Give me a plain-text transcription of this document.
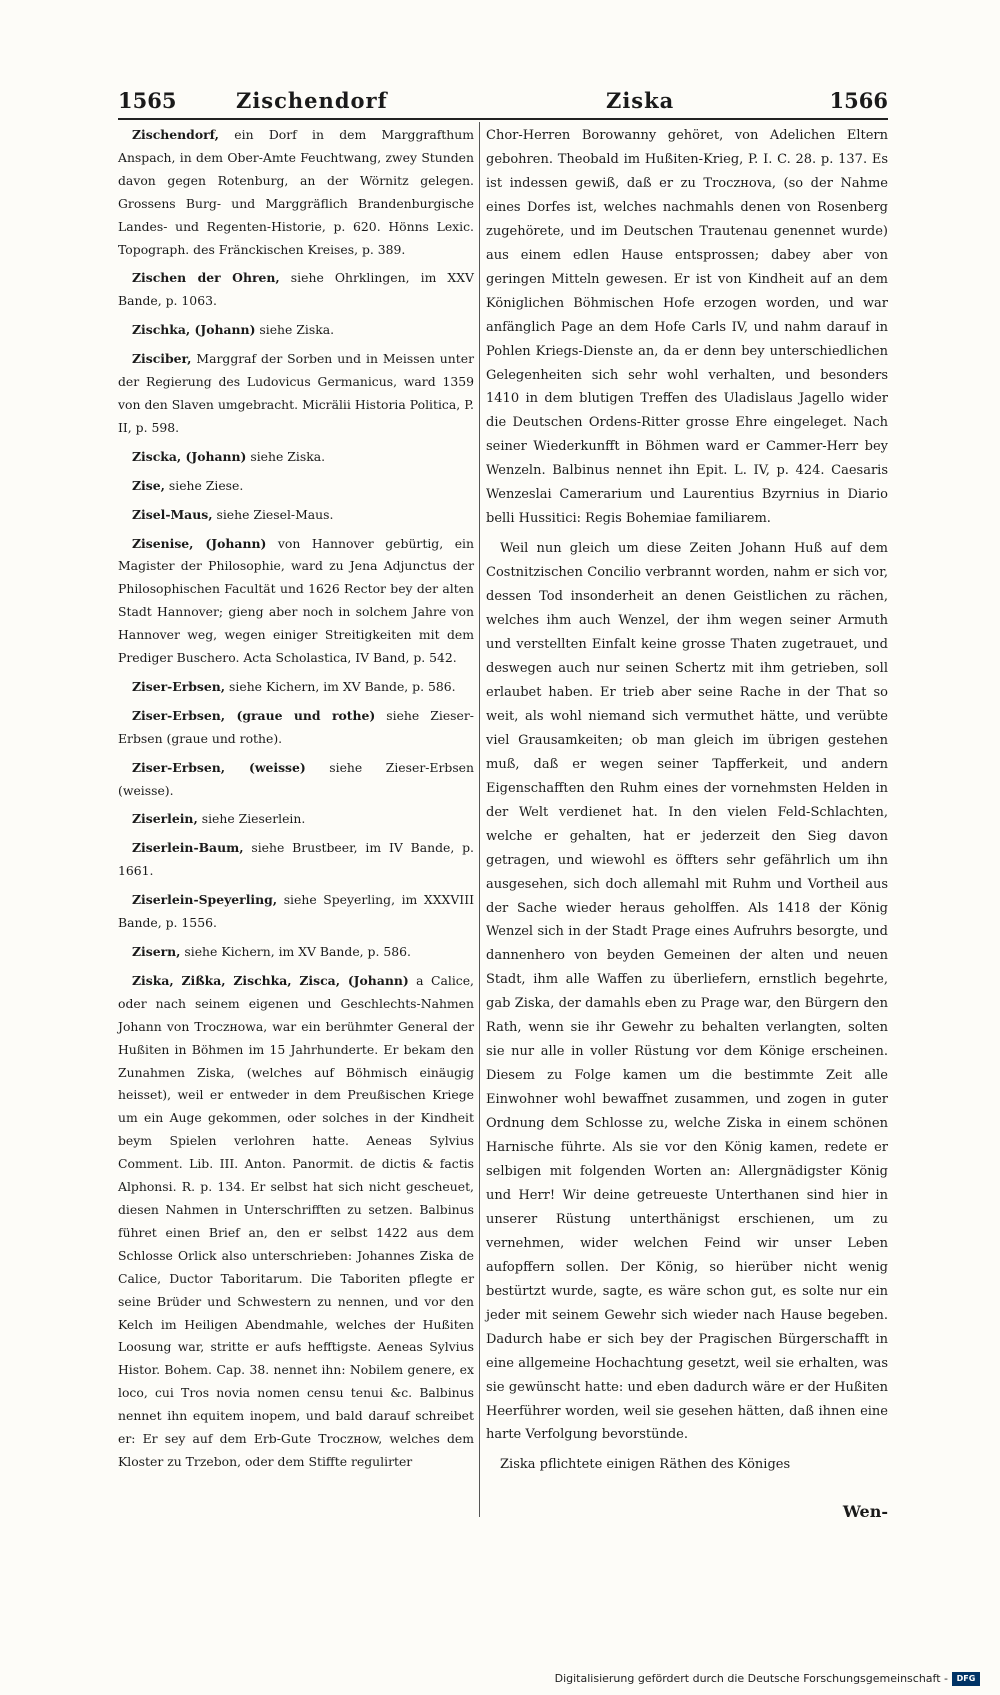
1565	Zischendorf	Ziska	1566

Zischendorf, ein Dorf in dem Marggrafthum Anspach, in dem Ober-Amte Feuchtwang, zwey Stunden davon gegen Rotenburg, an der Wörnitz gelegen. Grossens Burg- und Marggräflich Brandenburgische Landes- und Regenten-Historie, p. 620. Hönns Lexic. Topograph. des Fränckischen Kreises, p. 389.

Zischen der Ohren, siehe Ohrklingen, im XXV Bande, p. 1063.

Zischka, (Johann) siehe Ziska.

Zisciber, Marggraf der Sorben und in Meissen unter der Regierung des Ludovicus Germanicus, ward 1359 von den Slaven umgebracht. Micrälii Historia Politica, P. II, p. 598.

Ziscka, (Johann) siehe Ziska.

Zise, siehe Ziese.

Zisel-Maus, siehe Ziesel-Maus.

Zisenise, (Johann) von Hannover gebürtig, ein Magister der Philosophie, ward zu Jena Adjunctus der Philosophischen Facultät und 1626 Rector bey der alten Stadt Hannover; gieng aber noch in solchem Jahre von Hannover weg, wegen einiger Streitigkeiten mit dem Prediger Buschero. Acta Scholastica, IV Band, p. 542.

Ziser-Erbsen, siehe Kichern, im XV Bande, p. 586.

Ziser-Erbsen, (graue und rothe) siehe Zieser-Erbsen (graue und rothe).

Ziser-Erbsen, (weisse) siehe Zieser-Erbsen (weisse).

Ziserlein, siehe Zieserlein.

Ziserlein-Baum, siehe Brustbeer, im IV Bande, p. 1661.

Ziserlein-Speyerling, siehe Speyerling, im XXXVIII Bande, p. 1556.

Zisern, siehe Kichern, im XV Bande, p. 586.

Ziska, Zißka, Zischka, Zisca, (Johann) a Calice, oder nach seinem eigenen und Geschlechts-Nahmen Johann von Troczнowa, war ein berühmter General der Hußiten in Böhmen im 15 Jahrhunderte. Er bekam den Zunahmen Ziska, (welches auf Böhmisch einäugig heisset), weil er entweder in dem Preußischen Kriege um ein Auge gekommen, oder solches in der Kindheit beym Spielen verlohren hatte. Aeneas Sylvius Comment. Lib. III. Anton. Panormit. de dictis & factis Alphonsi. R. p. 134. Er selbst hat sich nicht gescheuet, diesen Nahmen in Unterschrifften zu setzen. Balbinus führet einen Brief an, den er selbst 1422 aus dem Schlosse Orlick also unterschrieben: Johannes Ziska de Calice, Ductor Taboritarum. Die Taboriten pflegte er seine Brüder und Schwestern zu nennen, und vor den Kelch im Heiligen Abendmahle, welches der Hußiten Loosung war, stritte er aufs hefftigste. Aeneas Sylvius Histor. Bohem. Cap. 38. nennet ihn: Nobilem genere, ex loco, cui Tros novia nomen censu tenui &c. Balbinus nennet ihn equitem inopem, und bald darauf schreibet er: Er sey auf dem Erb-Gute Troczнow, welches dem Kloster zu Trzebon, oder dem Stiffte regulirter

Chor-Herren Borowanny gehöret, von Adelichen Eltern gebohren. Theobald im Hußiten-Krieg, P. I. C. 28. p. 137. Es ist indessen gewiß, daß er zu Troczнova, (so der Nahme eines Dorfes ist, welches nachmahls denen von Rosenberg zugehörete, und im Deutschen Trautenau genennet wurde) aus einem edlen Hause entsprossen; dabey aber von geringen Mitteln gewesen. Er ist von Kindheit auf an dem Königlichen Böhmischen Hofe erzogen worden, und war anfänglich Page an dem Hofe Carls IV, und nahm darauf in Pohlen Kriegs-Dienste an, da er denn bey unterschiedlichen Gelegenheiten sich sehr wohl verhalten, und besonders 1410 in dem blutigen Treffen des Uladislaus Jagello wider die Deutschen Ordens-Ritter grosse Ehre eingeleget. Nach seiner Wiederkunfft in Böhmen ward er Cammer-Herr bey Wenzeln. Balbinus nennet ihn Epit. L. IV, p. 424. Caesaris Wenzeslai Camerarium und Laurentius Bzyrnius in Diario belli Hussitici: Regis Bohemiae familiarem.

Weil nun gleich um diese Zeiten Johann Huß auf dem Costnitzischen Concilio verbrannt worden, nahm er sich vor, dessen Tod insonderheit an denen Geistlichen zu rächen, welches ihm auch Wenzel, der ihm wegen seiner Armuth und verstellten Einfalt keine grosse Thaten zugetrauet, und deswegen auch nur seinen Schertz mit ihm getrieben, soll erlaubet haben. Er trieb aber seine Rache in der That so weit, als wohl niemand sich vermuthet hätte, und verübte viel Grausamkeiten; ob man gleich im übrigen gestehen muß, daß er wegen seiner Tapfferkeit, und andern Eigenschafften den Ruhm eines der vornehmsten Helden in der Welt verdienet hat. In den vielen Feld-Schlachten, welche er gehalten, hat er jederzeit den Sieg davon getragen, und wiewohl es öffters sehr gefährlich um ihn ausgesehen, sich doch allemahl mit Ruhm und Vortheil aus der Sache wieder heraus geholffen. Als 1418 der König Wenzel sich in der Stadt Prage eines Aufruhrs besorgte, und dannenhero von beyden Gemeinen der alten und neuen Stadt, ihm alle Waffen zu überliefern, ernstlich begehrte, gab Ziska, der damahls eben zu Prage war, den Bürgern den Rath, wenn sie ihr Gewehr zu behalten verlangten, solten sie nur alle in voller Rüstung vor dem Könige erscheinen. Diesem zu Folge kamen um die bestimmte Zeit alle Einwohner wohl bewaffnet zusammen, und zogen in guter Ordnung dem Schlosse zu, welche Ziska in einem schönen Harnische führte. Als sie vor den König kamen, redete er selbigen mit folgenden Worten an: Allergnädigster König und Herr! Wir deine getreueste Unterthanen sind hier in unserer Rüstung unterthänigst erschienen, um zu vernehmen, wider welchen Feind wir unser Leben aufopffern sollen. Der König, so hierüber nicht wenig bestürtzt wurde, sagte, es wäre schon gut, es solte nur ein jeder mit seinem Gewehr sich wieder nach Hause begeben. Dadurch habe er sich bey der Pragischen Bürgerschafft in eine allgemeine Hochachtung gesetzt, weil sie erhalten, was sie gewünscht hatte: und eben dadurch wäre er der Hußiten Heerführer worden, weil sie gesehen hätten, daß ihnen eine harte Verfolgung bevorstünde.

Ziska pflichtete einigen Räthen des Königes

Wen-
Digitalisierung gefördert durch die Deutsche Forschungsgemeinschaft -	DFG
